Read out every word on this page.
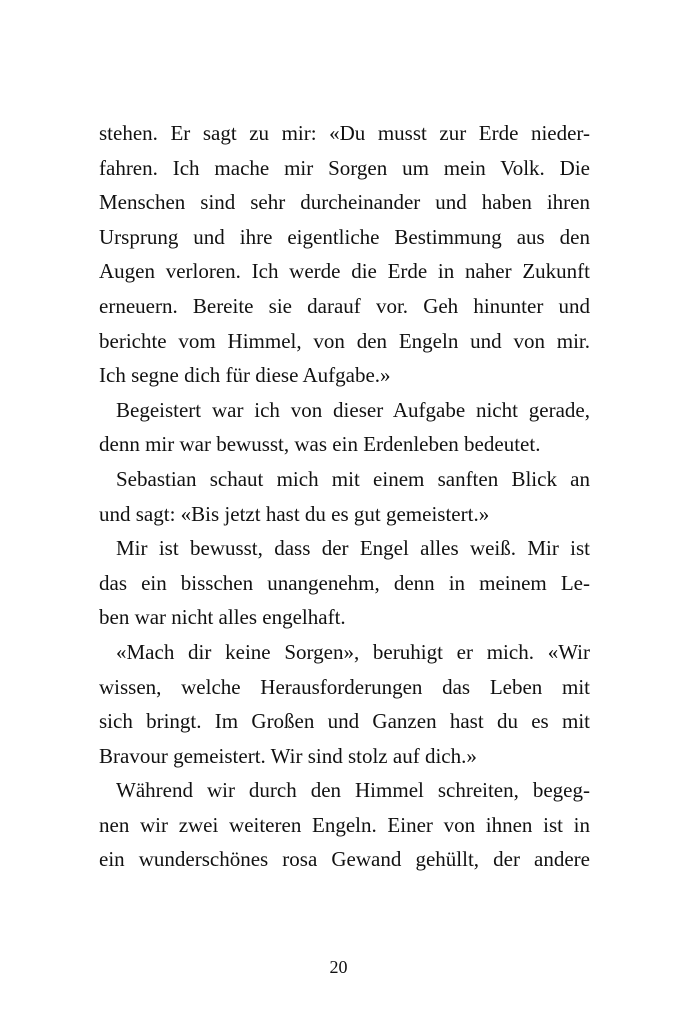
stehen. Er sagt zu mir: «Du musst zur Erde nieder-
fahren. Ich mache mir Sorgen um mein Volk. Die
Menschen sind sehr durcheinander und haben ihren
Ursprung und ihre eigentliche Bestimmung aus den
Augen verloren. Ich werde die Erde in naher Zukunft
erneuern. Bereite sie darauf vor. Geh hinunter und
berichte vom Himmel, von den Engeln und von mir.
Ich segne dich für diese Aufgabe.»
Begeistert war ich von dieser Aufgabe nicht gerade,
denn mir war bewusst, was ein Erdenleben bedeutet.
Sebastian schaut mich mit einem sanften Blick an
und sagt: «Bis jetzt hast du es gut gemeistert.»
Mir ist bewusst, dass der Engel alles weiß. Mir ist
das ein bisschen unangenehm, denn in meinem Le-
ben war nicht alles engelhaft.
«Mach dir keine Sorgen», beruhigt er mich. «Wir
wissen, welche Herausforderungen das Leben mit
sich bringt. Im Großen und Ganzen hast du es mit
Bravour gemeistert. Wir sind stolz auf dich.»
Während wir durch den Himmel schreiten, begeg-
nen wir zwei weiteren Engeln. Einer von ihnen ist in
ein wunderschönes rosa Gewand gehüllt, der andere
20
